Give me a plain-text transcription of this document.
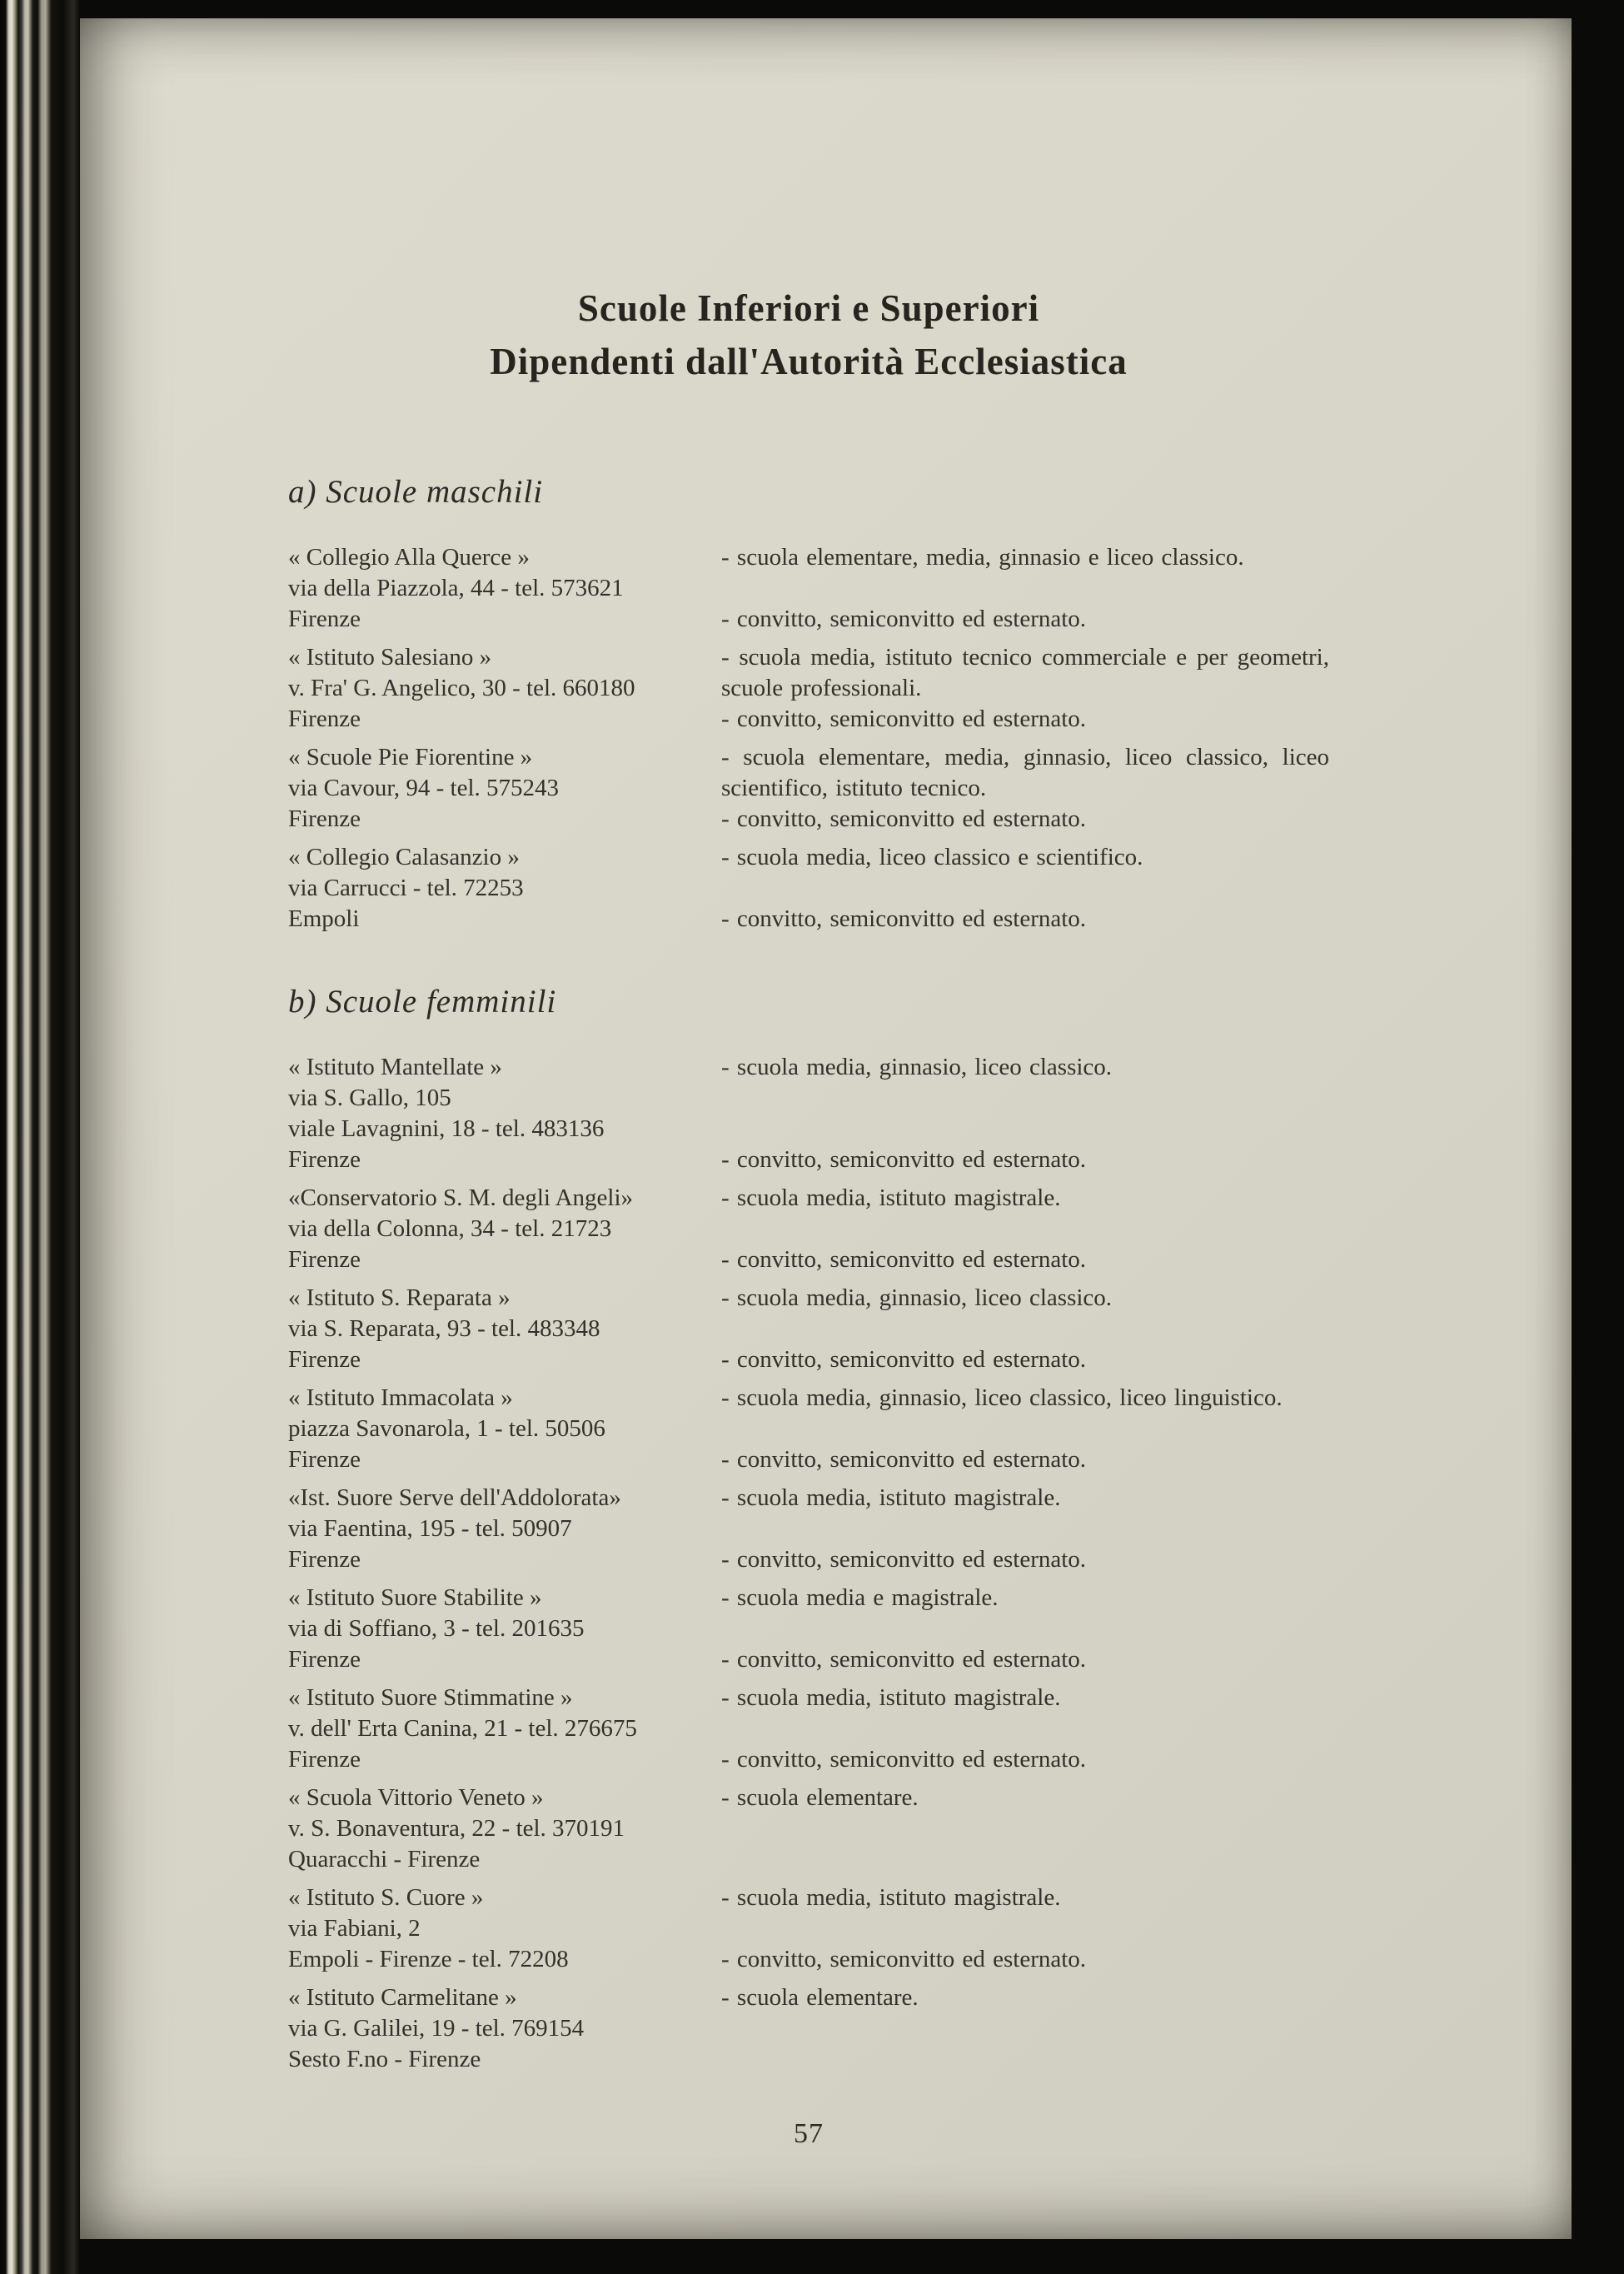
Scuole Inferiori e Superiori
Dipendenti dall'Autorità Ecclesiastica
a) Scuole maschili
« Collegio Alla Querce »
via della Piazzola, 44 - tel. 573621
Firenze
- scuola elementare, media, ginnasio e liceo classico.
- convitto, semiconvitto ed esternato.
« Istituto Salesiano »
v. Fra' G. Angelico, 30 - tel. 660180
Firenze
- scuola media, istituto tecnico commerciale e per geometri, scuole professionali.
- convitto, semiconvitto ed esternato.
« Scuole Pie Fiorentine »
via Cavour, 94 - tel. 575243
Firenze
- scuola elementare, media, ginnasio, liceo classico, liceo scientifico, istituto tecnico.
- convitto, semiconvitto ed esternato.
« Collegio Calasanzio »
via Carrucci - tel. 72253
Empoli
- scuola media, liceo classico e scientifico.
- convitto, semiconvitto ed esternato.
b) Scuole femminili
« Istituto Mantellate »
via S. Gallo, 105
viale Lavagnini, 18 - tel. 483136
Firenze
- scuola media, ginnasio, liceo classico.
- convitto, semiconvitto ed esternato.
«Conservatorio S. M. degli Angeli»
via della Colonna, 34 - tel. 21723
Firenze
- scuola media, istituto magistrale.
- convitto, semiconvitto ed esternato.
« Istituto S. Reparata »
via S. Reparata, 93 - tel. 483348
Firenze
- scuola media, ginnasio, liceo classico.
- convitto, semiconvitto ed esternato.
« Istituto Immacolata »
piazza Savonarola, 1 - tel. 50506
Firenze
- scuola media, ginnasio, liceo classico, liceo linguistico.
- convitto, semiconvitto ed esternato.
«Ist. Suore Serve dell'Addolorata»
via Faentina, 195 - tel. 50907
Firenze
- scuola media, istituto magistrale.
- convitto, semiconvitto ed esternato.
« Istituto Suore Stabilite »
via di Soffiano, 3 - tel. 201635
Firenze
- scuola media e magistrale.
- convitto, semiconvitto ed esternato.
« Istituto Suore Stimmatine »
v. dell' Erta Canina, 21 - tel. 276675
Firenze
- scuola media, istituto magistrale.
- convitto, semiconvitto ed esternato.
« Scuola Vittorio Veneto »
v. S. Bonaventura, 22 - tel. 370191
Quaracchi - Firenze
- scuola elementare.
« Istituto S. Cuore »
via Fabiani, 2
Empoli - Firenze - tel. 72208
- scuola media, istituto magistrale.
- convitto, semiconvitto ed esternato.
« Istituto Carmelitane »
via G. Galilei, 19 - tel. 769154
Sesto F.no - Firenze
- scuola elementare.
57
